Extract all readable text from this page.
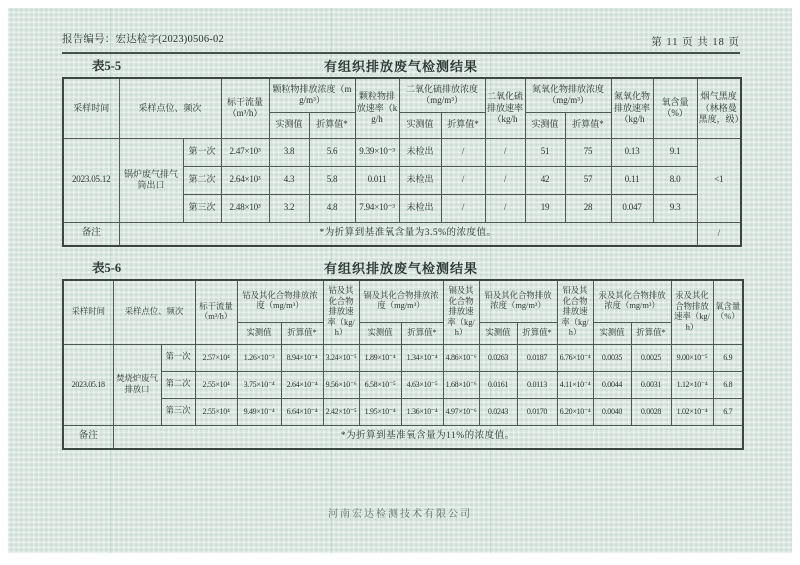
报告编号：宏达检字(2023)0506-02	第 11 页 共 18 页
表5-5	有组织排放废气检测结果
采样时间	采样点位、频次		标干流量（m³/h）	颗粒物排放浓度（mg/m³）		颗粒物排放速率（kg/h	二氧化硫排放浓度（mg/m³）		二氧化硫排放速率（kg/h	氮氧化物排放浓度（mg/m³）		氮氧化物排放速率（kg/h	氧含量（%）	烟气黑度（林格曼黑度，级）
				实测值	折算值*		实测值	折算值*		实测值	折算值*			
2023.05.12	锅炉废气排气筒出口	第一次	2.47×10³	3.8	5.6	9.39×10⁻³	未检出	/	/	51	75	0.13	9.1	<1
		第二次	2.64×10³	4.3	5.8	0.011	未检出	/	/	42	57	0.11	8.0	
		第三次	2.48×10³	3.2	4.8	7.94×10⁻³	未检出	/	/	19	28	0.047	9.3	
备注	*为折算到基准氧含量为3.5%的浓度值。													/
表5-6	有组织排放废气检测结果
采样时间	采样点位、频次		标干流量（m³/h）	钴及其化合物排放浓度（mg/m³）		钴及其化合物排放速率（kg/h）	镉及其化合物排放浓度（mg/m³）		镉及其化合物排放速率（kg/h）	铅及其化合物排放浓度（mg/m³）		铅及其化合物排放速率（kg/h）	汞及其化合物排放浓度（mg/m³）		汞及其化合物排放速率（kg/h）	氧含量（%）
				实测值	折算值*		实测值	折算值*		实测值	折算值*		实测值	折算值*		
2023.05.18	焚烧炉废气排放口	第一次	2.57×10⁴	1.26×10⁻³	8.94×10⁻⁴	3.24×10⁻⁵	1.89×10⁻⁴	1.34×10⁻⁴	4.86×10⁻⁶	0.0263	0.0187	6.76×10⁻⁴	0.0035	0.0025	9.00×10⁻⁵	6.9
		第二次	2.55×10⁴	3.75×10⁻⁴	2.64×10⁻⁴	9.56×10⁻⁶	6.58×10⁻⁵	4.63×10⁻⁵	1.68×10⁻⁶	0.0161	0.0113	4.11×10⁻⁴	0.0044	0.0031	1.12×10⁻⁴	6.8
		第三次	2.55×10⁴	9.49×10⁻⁴	6.64×10⁻⁴	2.42×10⁻⁵	1.95×10⁻⁴	1.36×10⁻⁴	4.97×10⁻⁶	0.0243	0.0170	6.20×10⁻⁴	0.0040	0.0028	1.02×10⁻⁴	6.7
备注	*为折算到基准氧含量为11%的浓度值。															
河南宏达检测技术有限公司
